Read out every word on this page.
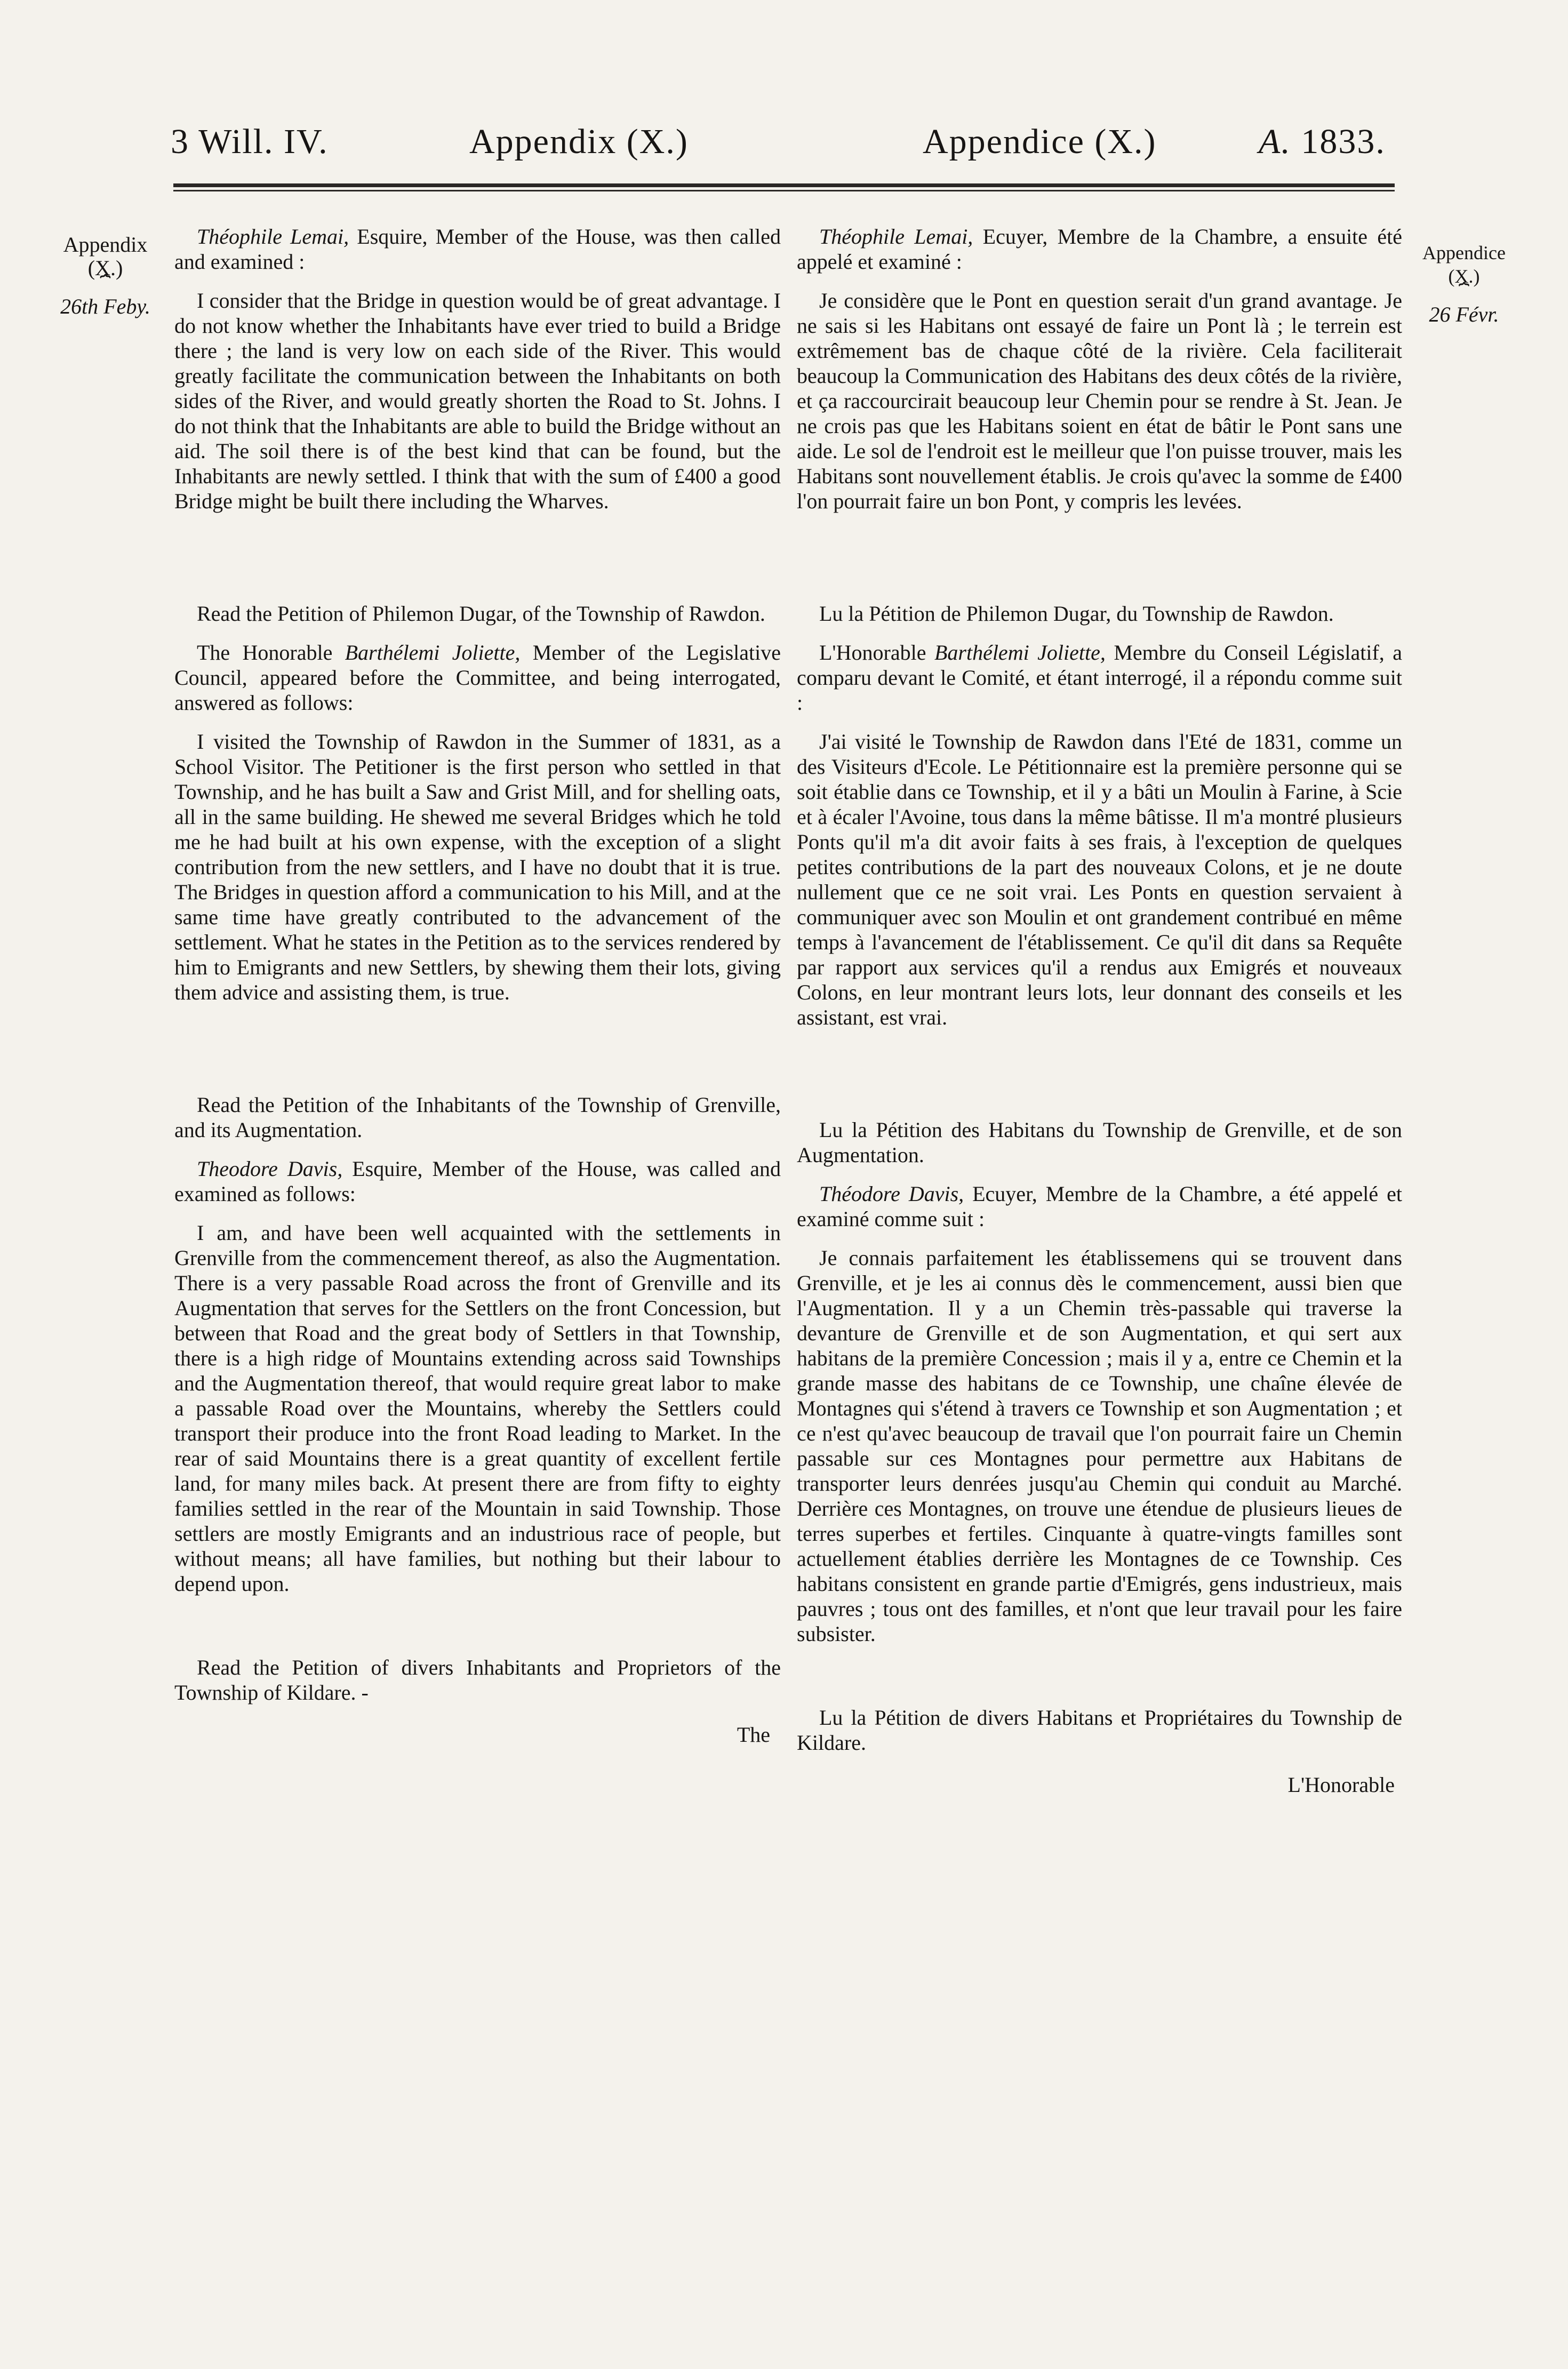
3 Will. IV.	Appendix (X.)	Appendice (X.)	A. 1833.
Appendix
(X.)
⏞
26th Feby.
Appendice
(X.)
⏞
26 Févr.

Théophile Lemai, Esquire, Member of the House, was then called and examined :

I consider that the Bridge in question would be of great advantage. I do not know whether the Inhabitants have ever tried to build a Bridge there ; the land is very low on each side of the River. This would greatly facilitate the communication between the Inhabitants on both sides of the River, and would greatly shorten the Road to St. Johns. I do not think that the Inhabitants are able to build the Bridge without an aid. The soil there is of the best kind that can be found, but the Inhabitants are newly settled. I think that with the sum of £400 a good Bridge might be built there including the Wharves.

Read the Petition of Philemon Dugar, of the Township of Rawdon.

The Honorable Barthélemi Joliette, Member of the Legislative Council, appeared before the Committee, and being interrogated, answered as follows:

I visited the Township of Rawdon in the Summer of 1831, as a School Visitor. The Petitioner is the first person who settled in that Township, and he has built a Saw and Grist Mill, and for shelling oats, all in the same building. He shewed me several Bridges which he told me he had built at his own expense, with the exception of a slight contribution from the new settlers, and I have no doubt that it is true. The Bridges in question afford a communication to his Mill, and at the same time have greatly contributed to the advancement of the settlement. What he states in the Petition as to the services rendered by him to Emigrants and new Settlers, by shewing them their lots, giving them advice and assisting them, is true.

Read the Petition of the Inhabitants of the Township of Grenville, and its Augmentation.

Theodore Davis, Esquire, Member of the House, was called and examined as follows:

I am, and have been well acquainted with the settlements in Grenville from the commencement thereof, as also the Augmentation. There is a very passable Road across the front of Grenville and its Augmentation that serves for the Settlers on the front Concession, but between that Road and the great body of Settlers in that Township, there is a high ridge of Mountains extending across said Townships and the Augmentation thereof, that would require great labor to make a passable Road over the Mountains, whereby the Settlers could transport their produce into the front Road leading to Market. In the rear of said Mountains there is a great quantity of excellent fertile land, for many miles back. At present there are from fifty to eighty families settled in the rear of the Mountain in said Township. Those settlers are mostly Emigrants and an industrious race of people, but without means; all have families, but nothing but their labour to depend upon.

Read the Petition of divers Inhabitants and Proprietors of the Township of Kildare. -

The

Théophile Lemai, Ecuyer, Membre de la Chambre, a ensuite été appelé et examiné :

Je considère que le Pont en question serait d'un grand avantage. Je ne sais si les Habitans ont essayé de faire un Pont là ; le terrein est extrêmement bas de chaque côté de la rivière. Cela faciliterait beaucoup la Communication des Habitans des deux côtés de la rivière, et ça raccourcirait beaucoup leur Chemin pour se rendre à St. Jean. Je ne crois pas que les Habitans soient en état de bâtir le Pont sans une aide. Le sol de l'endroit est le meilleur que l'on puisse trouver, mais les Habitans sont nouvellement établis. Je crois qu'avec la somme de £400 l'on pourrait faire un bon Pont, y compris les levées.

Lu la Pétition de Philemon Dugar, du Township de Rawdon.

L'Honorable Barthélemi Joliette, Membre du Conseil Législatif, a comparu devant le Comité, et étant interrogé, il a répondu comme suit :

J'ai visité le Township de Rawdon dans l'Eté de 1831, comme un des Visiteurs d'Ecole. Le Pétitionnaire est la première personne qui se soit établie dans ce Township, et il y a bâti un Moulin à Farine, à Scie et à écaler l'Avoine, tous dans la même bâtisse. Il m'a montré plusieurs Ponts qu'il m'a dit avoir faits à ses frais, à l'exception de quelques petites contributions de la part des nouveaux Colons, et je ne doute nullement que ce ne soit vrai. Les Ponts en question servaient à communiquer avec son Moulin et ont grandement contribué en même temps à l'avancement de l'établissement. Ce qu'il dit dans sa Requête par rapport aux services qu'il a rendus aux Emigrés et nouveaux Colons, en leur montrant leurs lots, leur donnant des conseils et les assistant, est vrai.

Lu la Pétition des Habitans du Township de Grenville, et de son Augmentation.

Théodore Davis, Ecuyer, Membre de la Chambre, a été appelé et examiné comme suit :

Je connais parfaitement les établissemens qui se trouvent dans Grenville, et je les ai connus dès le commencement, aussi bien que l'Augmentation. Il y a un Chemin très-passable qui traverse la devanture de Grenville et de son Augmentation, et qui sert aux habitans de la première Concession ; mais il y a, entre ce Chemin et la grande masse des habitans de ce Township, une chaîne élevée de Montagnes qui s'étend à travers ce Township et son Augmentation ; et ce n'est qu'avec beaucoup de travail que l'on pourrait faire un Chemin passable sur ces Montagnes pour permettre aux Habitans de transporter leurs denrées jusqu'au Chemin qui conduit au Marché. Derrière ces Montagnes, on trouve une étendue de plusieurs lieues de terres superbes et fertiles. Cinquante à quatre-vingts familles sont actuellement établies derrière les Montagnes de ce Township. Ces habitans consistent en grande partie d'Emigrés, gens industrieux, mais pauvres ; tous ont des familles, et n'ont que leur travail pour les faire subsister.

Lu la Pétition de divers Habitans et Propriétaires du Township de Kildare.

L'Honorable
